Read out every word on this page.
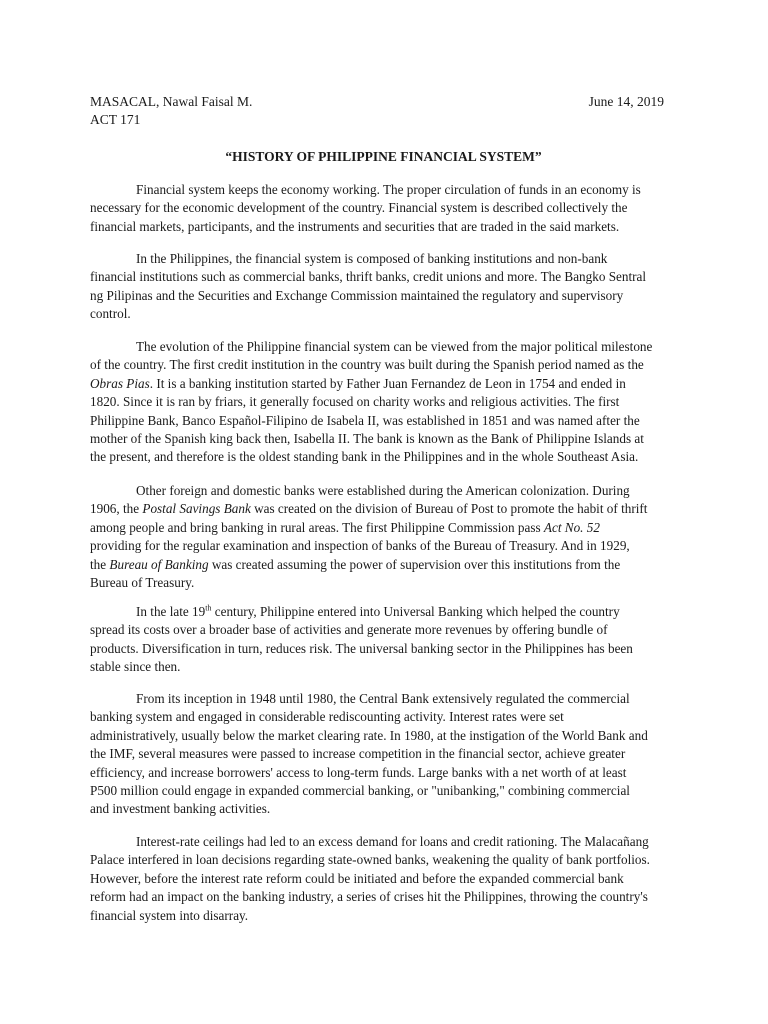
MASACAL, Nawal Faisal M.	June 14, 2019
ACT 171
“HISTORY OF PHILIPPINE FINANCIAL SYSTEM”
Financial system keeps the economy working. The proper circulation of funds in an economy is
necessary for the economic development of the country. Financial system is described collectively the
financial markets, participants, and the instruments and securities that are traded in the said markets.
In the Philippines, the financial system is composed of banking institutions and non-bank
financial institutions such as commercial banks, thrift banks, credit unions and more. The Bangko Sentral
ng Pilipinas and the Securities and Exchange Commission maintained the regulatory and supervisory
control.
The evolution of the Philippine financial system can be viewed from the major political milestone
of the country. The first credit institution in the country was built during the Spanish period named as the
Obras Pias. It is a banking institution started by Father Juan Fernandez de Leon in 1754 and ended in
1820. Since it is ran by friars, it generally focused on charity works and religious activities. The first
Philippine Bank, Banco Español-Filipino de Isabela II, was established in 1851 and was named after the
mother of the Spanish king back then, Isabella II. The bank is known as the Bank of Philippine Islands at
the present, and therefore is the oldest standing bank in the Philippines and in the whole Southeast Asia.
Other foreign and domestic banks were established during the American colonization. During
1906, the Postal Savings Bank was created on the division of Bureau of Post to promote the habit of thrift
among people and bring banking in rural areas. The first Philippine Commission pass Act No. 52
providing for the regular examination and inspection of banks of the Bureau of Treasury. And in 1929,
the Bureau of Banking was created assuming the power of supervision over this institutions from the
Bureau of Treasury.
In the late 19th century, Philippine entered into Universal Banking which helped the country
spread its costs over a broader base of activities and generate more revenues by offering bundle of
products. Diversification in turn, reduces risk. The universal banking sector in the Philippines has been
stable since then.
From its inception in 1948 until 1980, the Central Bank extensively regulated the commercial
banking system and engaged in considerable rediscounting activity. Interest rates were set
administratively, usually below the market clearing rate. In 1980, at the instigation of the World Bank and
the IMF, several measures were passed to increase competition in the financial sector, achieve greater
efficiency, and increase borrowers' access to long-term funds. Large banks with a net worth of at least
P500 million could engage in expanded commercial banking, or "unibanking," combining commercial
and investment banking activities.
Interest-rate ceilings had led to an excess demand for loans and credit rationing. The Malacañang
Palace interfered in loan decisions regarding state-owned banks, weakening the quality of bank portfolios.
However, before the interest rate reform could be initiated and before the expanded commercial bank
reform had an impact on the banking industry, a series of crises hit the Philippines, throwing the country's
financial system into disarray.
